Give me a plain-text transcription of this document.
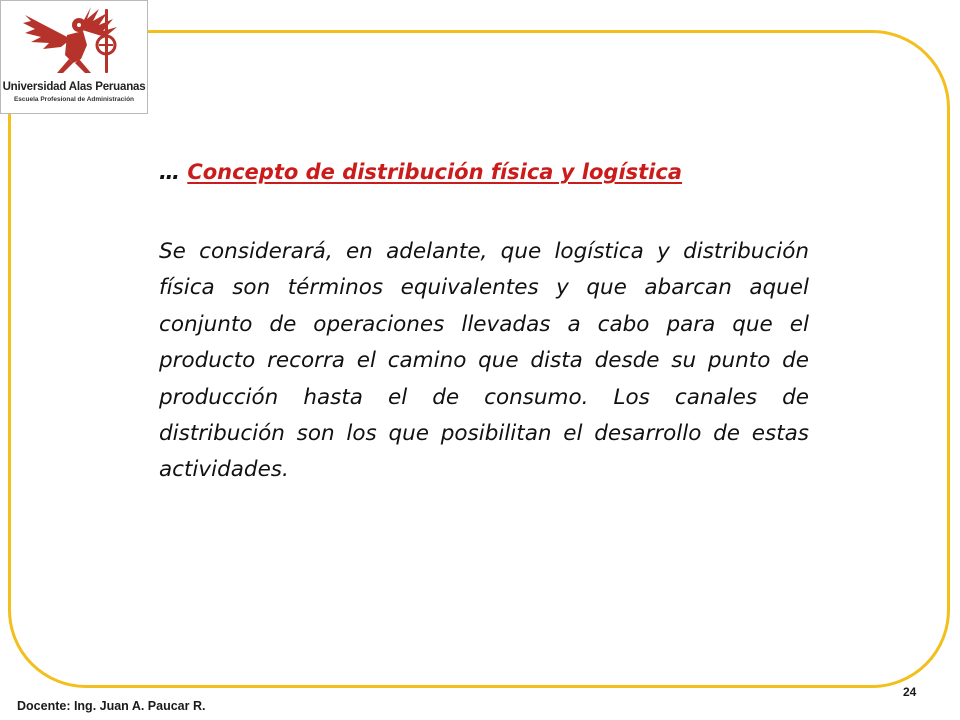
Universidad Alas Peruanas
Escuela Profesional de Administración
… Concepto de distribución física y logística

Se considerará, en adelante, que logística y distribución física son términos equivalentes y que abarcan aquel conjunto de operaciones llevadas a cabo para que el producto recorra el camino que dista desde su punto de producción hasta el de consumo. Los canales de distribución son los que posibilitan el desarrollo de estas actividades.

Docente: Ing. Juan A. Paucar R.
24
